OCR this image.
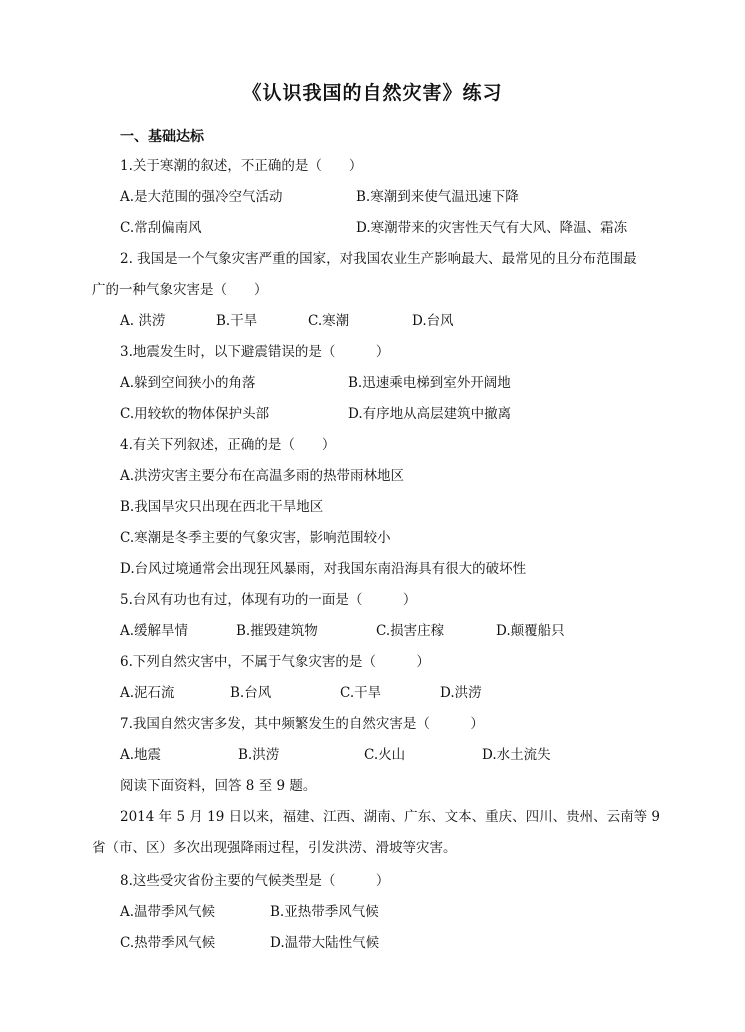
《认识我国的自然灾害》练习
一、基础达标
1.关于寒潮的叙述，不正确的是（　　）
A.是大范围的强冷空气活动	B.寒潮到来使气温迅速下降
C.常刮偏南风	D.寒潮带来的灾害性天气有大风、降温、霜冻
2. 我国是一个气象灾害严重的国家，对我国农业生产影响最大、最常见的且分布范围最
广的一种气象灾害是（　　）
A. 洪涝	B.干旱	C.寒潮	D.台风
3.地震发生时，以下避震错误的是（　　　）
A.躲到空间狭小的角落	B.迅速乘电梯到室外开阔地
C.用较软的物体保护头部	D.有序地从高层建筑中撤离
4.有关下列叙述，正确的是（　　）
A.洪涝灾害主要分布在高温多雨的热带雨林地区
B.我国旱灾只出现在西北干旱地区
C.寒潮是冬季主要的气象灾害，影响范围较小
D.台风过境通常会出现狂风暴雨，对我国东南沿海具有很大的破坏性
5.台风有功也有过，体现有功的一面是（　　　）
A.缓解旱情	B.摧毁建筑物	C.损害庄稼	D.颠覆船只
6.下列自然灾害中，不属于气象灾害的是（　　　）
A.泥石流	B.台风	C.干旱	D.洪涝
7.我国自然灾害多发，其中频繁发生的自然灾害是（　　　）
A.地震	B.洪涝	C.火山	D.水土流失
阅读下面资料，回答 8 至 9 题。
2014 年 5 月 19 日以来，福建、江西、湖南、广东、文本、重庆、四川、贵州、云南等 9
省（市、区）多次出现强降雨过程，引发洪涝、滑坡等灾害。
8.这些受灾省份主要的气候类型是（　　　）
A.温带季风气候	B.亚热带季风气候
C.热带季风气候	D.温带大陆性气候
